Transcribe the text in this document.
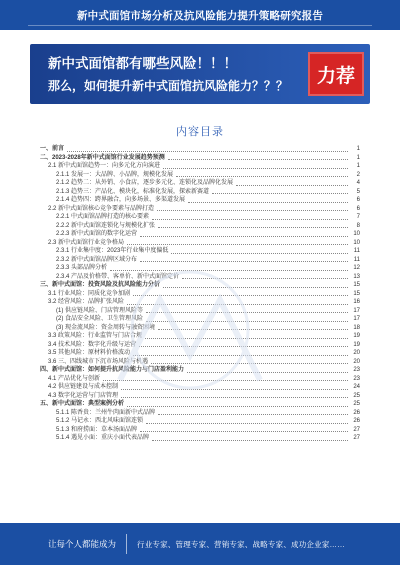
新中式面馆市场分析及抗风险能力提升策略研究报告
新中式面馆都有哪些风险！！！
那么，如何提升新中式面馆抗风险能力？？？	力荐
内容目录
一、前言	1
二、2023-2028年新中式面馆行业发展趋势预测	1
2.1 新中式面馆趋势一：向多元化方向演进	1
2.1.1 发展一：大品牌、小品牌，规模化发展	2
2.1.2 趋势二：从外销、小食店，逐步多元化、连锁化及品牌化发展	4
2.1.3 趋势三：产品化、模块化，标准化发展，探索新赛道	5
2.1.4 趋势四：跨界融合，向多场景、多渠道发展	6
2.2 新中式面馆核心竞争要素与品牌打造	6
2.2.1 中式面馆品牌打造的核心要素	7
2.2.2 新中式面馆连锁化与规模化扩张	8
2.2.3 新中式面馆的数字化运营	10
2.3 新中式面馆行业竞争格局	10
2.3.1 行业集中度：2023年行业集中度偏低	11
2.3.2 新中式面馆品牌区域分布	11
2.3.3 头部品牌分析	12
2.3.4 产品及价格带、客单价、新中式面馆定价	13
三、新中式面馆：投资风险及抗风险能力分析	15
3.1 行业风险：同质化竞争加剧	15
3.2 经营风险：品牌扩张风险	16
(1) 供应链风险、门店管理风险等	17
(2) 食品安全风险、卫生管理风险	17
(3) 现金流风险：资金周转与融资困境	18
3.3 政策风险：行业监管与门店合规	19
3.4 技术风险：数字化升级与运营	19
3.5 其他风险：原材料价格波动	20
3.6 三、四线城市下沉市场风险与机遇	20
四、新中式面馆：如何提升抗风险能力与门店盈利能力	23
4.1 产品优化与创新	23
4.2 供应链建设与成本控制	24
4.3 数字化运营与门店管理	25
五、新中式面馆：典型案例分析	25
5.1.1 陈香贵：兰州牛肉面新中式品牌	26
5.1.2 马记永：西北风味面馆连锁	26
5.1.3 和府捞面：草本汤面品牌	27
5.1.4 遇见小面：重庆小面代表品牌	27
让每个人都能成为	行业专家、管理专家、营销专家、战略专家、成功企业家……
